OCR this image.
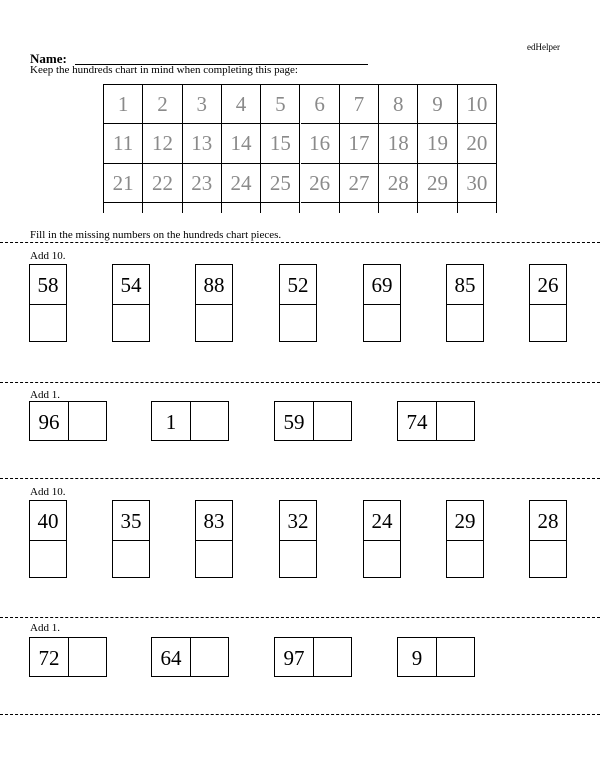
edHelper
Name:
Keep the hundreds chart in mind when completing this page:
1	2	3	4	5	6	7	8	9	10
11 12 13 14 15 16 17 18 19 20
21 22 23 24 25 26 27 28 29 30
Fill in the missing numbers on the hundreds chart pieces.
Add 10.
58	54	88	52	69	85	26
Add 1.
96	1	59	74
Add 10.
40	35	83	32	24	29	28
Add 1.
72	64	97	9
